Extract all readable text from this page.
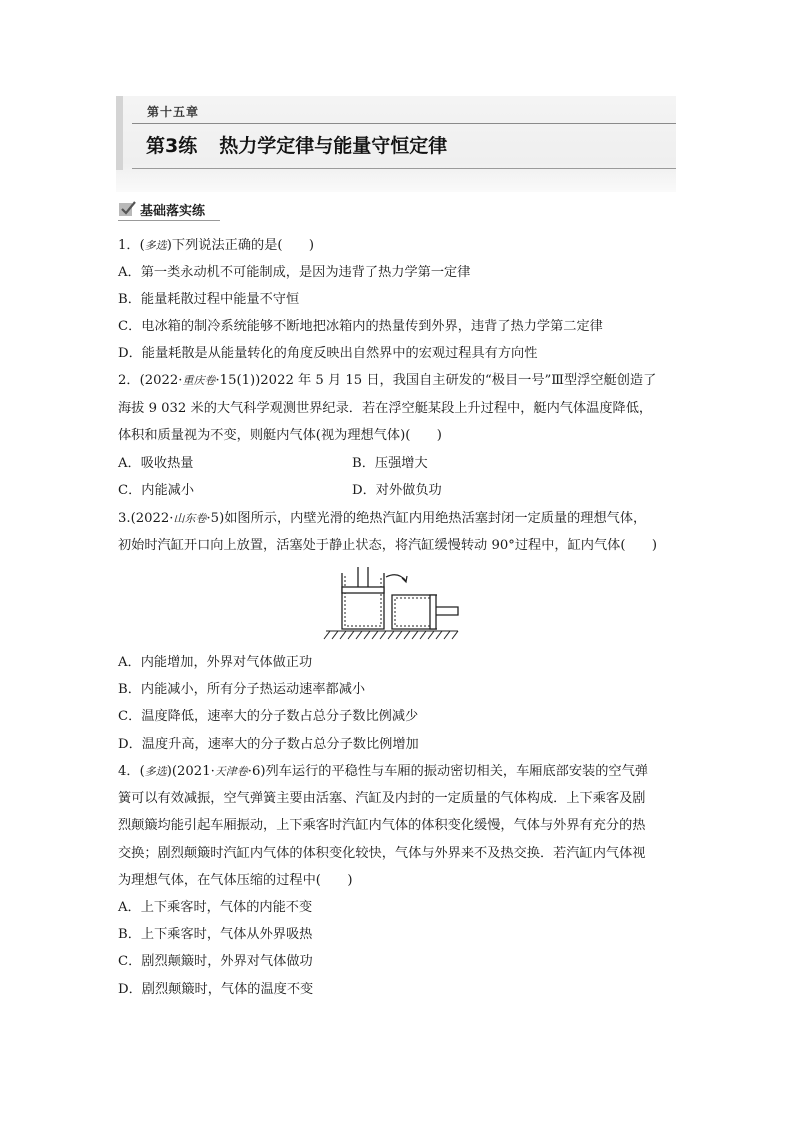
第十五章
第3练 热力学定律与能量守恒定律
基础落实练
1．(多选)下列说法正确的是(　　)
A．第一类永动机不可能制成，是因为违背了热力学第一定律
B．能量耗散过程中能量不守恒
C．电冰箱的制冷系统能够不断地把冰箱内的热量传到外界，违背了热力学第二定律
D．能量耗散是从能量转化的角度反映出自然界中的宏观过程具有方向性
2．(2022·重庆卷·15(1))2022 年 5 月 15 日，我国自主研发的“极目一号”Ⅲ型浮空艇创造了
海拔 9 032 米的大气科学观测世界纪录．若在浮空艇某段上升过程中，艇内气体温度降低，
体积和质量视为不变，则艇内气体(视为理想气体)(　　)
A．吸收热量	B．压强增大
C．内能减小	D．对外做负功
3.(2022·山东卷·5)如图所示，内壁光滑的绝热汽缸内用绝热活塞封闭一定质量的理想气体，
初始时汽缸开口向上放置，活塞处于静止状态，将汽缸缓慢转动 90°过程中，缸内气体(　　)
A．内能增加，外界对气体做正功
B．内能减小，所有分子热运动速率都减小
C．温度降低，速率大的分子数占总分子数比例减少
D．温度升高，速率大的分子数占总分子数比例增加
4．(多选)(2021·天津卷·6)列车运行的平稳性与车厢的振动密切相关，车厢底部安装的空气弹
簧可以有效减振，空气弹簧主要由活塞、汽缸及内封的一定质量的气体构成．上下乘客及剧
烈颠簸均能引起车厢振动，上下乘客时汽缸内气体的体积变化缓慢，气体与外界有充分的热
交换；剧烈颠簸时汽缸内气体的体积变化较快，气体与外界来不及热交换．若汽缸内气体视
为理想气体，在气体压缩的过程中(　　)
A．上下乘客时，气体的内能不变
B．上下乘客时，气体从外界吸热
C．剧烈颠簸时，外界对气体做功
D．剧烈颠簸时，气体的温度不变
